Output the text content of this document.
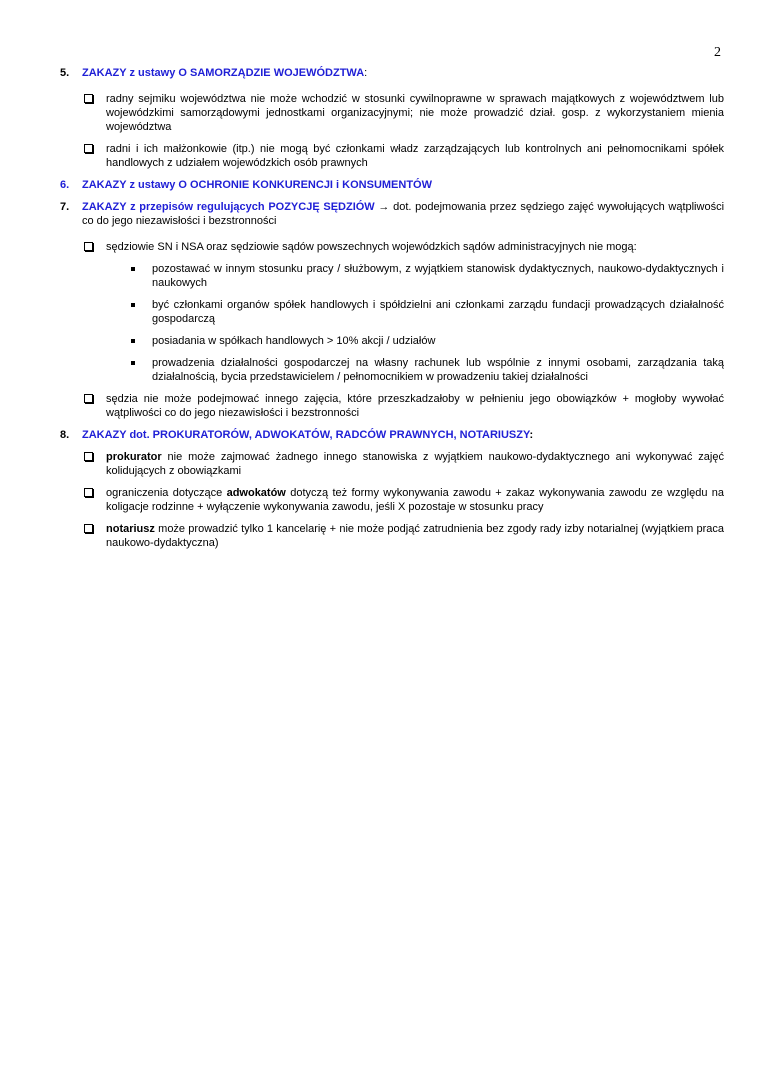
2
5. ZAKAZY z ustawy O SAMORZĄDZIE WOJEWÓDZTWA:
radny sejmiku województwa nie może wchodzić w stosunki cywilnoprawne w sprawach majątkowych z województwem lub wojewódzkimi samorządowymi jednostkami organizacyjnymi; nie może prowadzić dział. gosp. z wykorzystaniem mienia województwa
radni i ich małżonkowie (itp.) nie mogą być członkami władz zarządzających lub kontrolnych ani pełnomocnikami spółek handlowych z udziałem wojewódzkich osób prawnych
6. ZAKAZY z ustawy O OCHRONIE KONKURENCJI i KONSUMENTÓW
7. ZAKAZY z przepisów regulujących POZYCJĘ SĘDZIÓW → dot. podejmowania przez sędziego zajęć wywołujących wątpliwości co do jego niezawisłości i bezstronności
sędziowie SN i NSA oraz sędziowie sądów powszechnych wojewódzkich sądów administracyjnych nie mogą:
pozostawać w innym stosunku pracy / służbowym, z wyjątkiem stanowisk dydaktycznych, naukowo-dydaktycznych i naukowych
być członkami organów spółek handlowych i spółdzielni ani członkami zarządu fundacji prowadzących działalność gospodarczą
posiadania w spółkach handlowych > 10% akcji / udziałów
prowadzenia działalności gospodarczej na własny rachunek lub wspólnie z innymi osobami, zarządzania taką działalnością, bycia przedstawicielem / pełnomocnikiem w prowadzeniu takiej działalności
sędzia nie może podejmować innego zajęcia, które przeszkadzałoby w pełnieniu jego obowiązków + mogłoby wywołać wątpliwości co do jego niezawisłości i bezstronności
8. ZAKAZY dot. PROKURATORÓW, ADWOKATÓW, RADCÓW PRAWNYCH, NOTARIUSZY:
prokurator nie może zajmować żadnego innego stanowiska z wyjątkiem naukowo-dydaktycznego ani wykonywać zajęć kolidujących z obowiązkami
ograniczenia dotyczące adwokatów dotyczą też formy wykonywania zawodu + zakaz wykonywania zawodu ze względu na koligacje rodzinne + wyłączenie wykonywania zawodu, jeśli X pozostaje w stosunku pracy
notariusz może prowadzić tylko 1 kancelarię + nie może podjąć zatrudnienia bez zgody rady izby notarialnej (wyjątkiem praca naukowo-dydaktyczna)
